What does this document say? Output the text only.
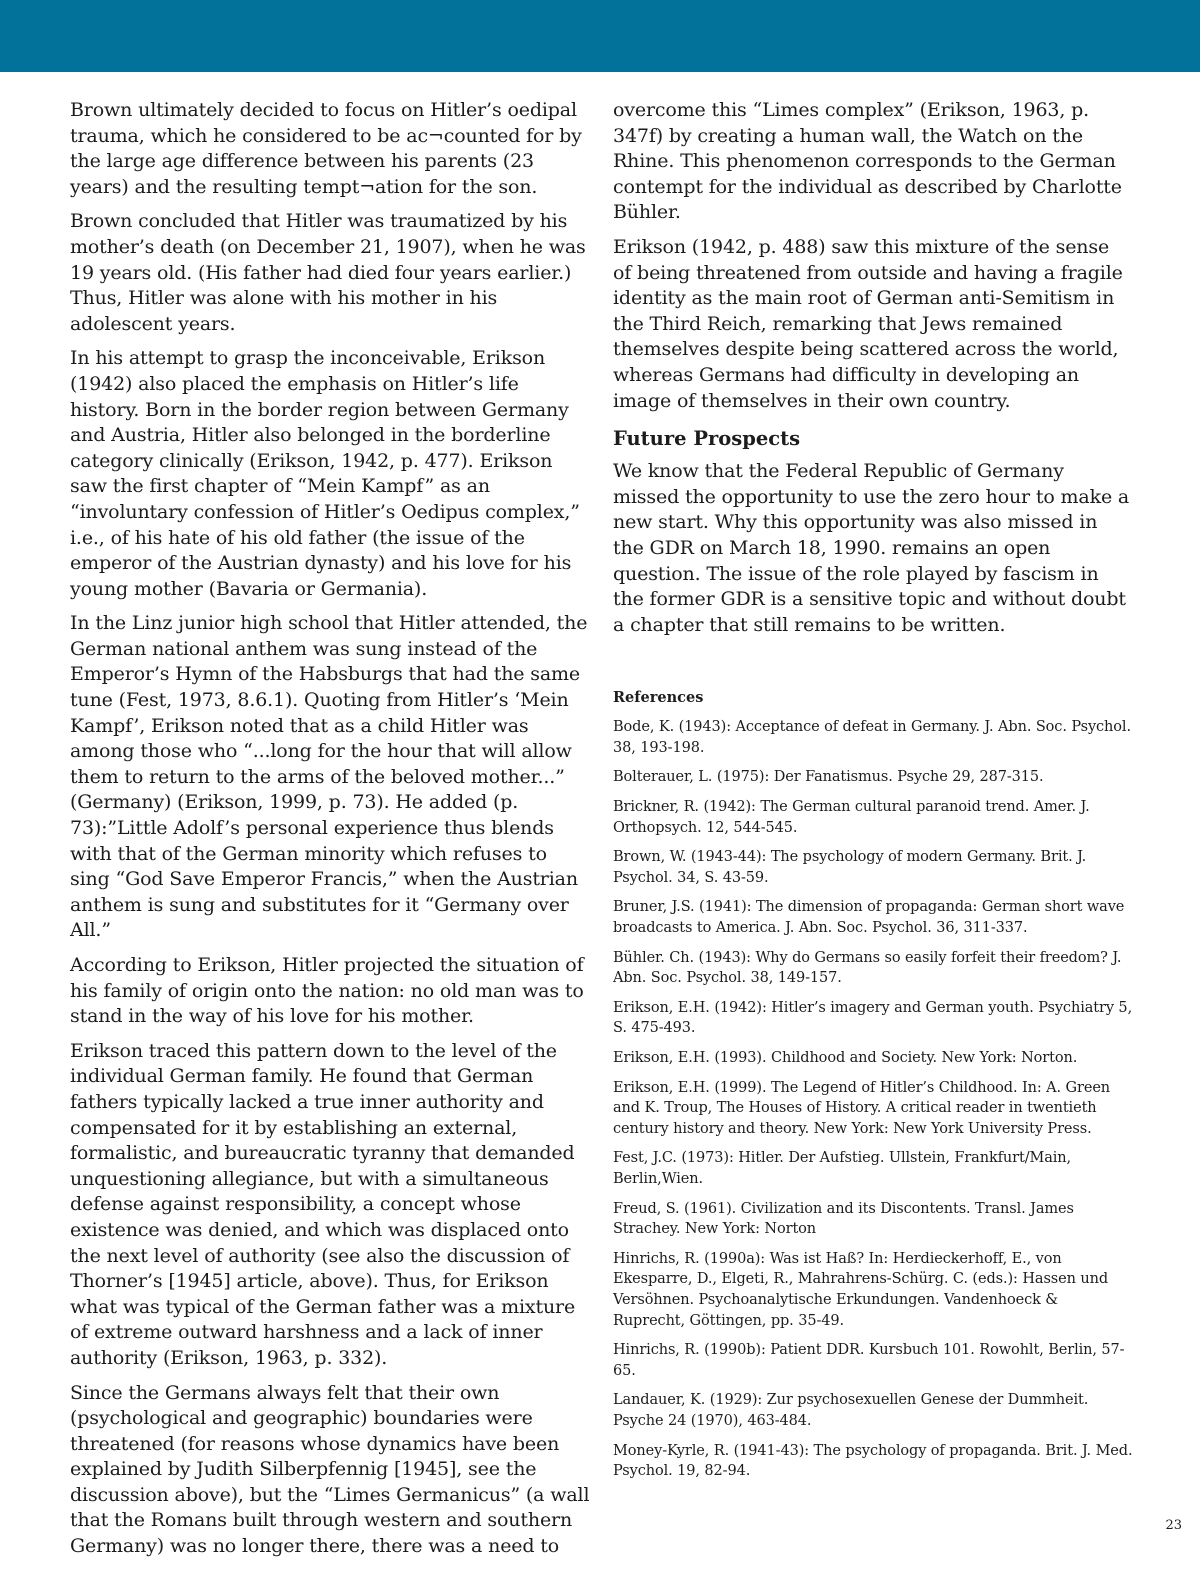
Brown ultimately decided to focus on Hitler’s oedipal trauma, which he considered to be ac¬counted for by the large age difference between his parents (23 years) and the resulting tempt¬ation for the son.

Brown concluded that Hitler was traumatized by his mother’s death (on December 21, 1907), when he was 19 years old. (His father had died four years earlier.) Thus, Hitler was alone with his mother in his adolescent years.

In his attempt to grasp the inconceivable, Erikson (1942) also placed the emphasis on Hitler’s life history. Born in the border region between Germany and Austria, Hitler also belonged in the borderline category clinically (Erikson, 1942, p. 477). Erikson saw the first chapter of “Mein Kampf” as an “involuntary confession of Hitler’s Oedipus complex,” i.e., of his hate of his old father (the issue of the emperor of the Austrian dynasty) and his love for his young mother (Bavaria or Germania).

In the Linz junior high school that Hitler attended, the German national anthem was sung instead of the Emperor’s Hymn of the Habsburgs that had the same tune (Fest, 1973, 8.6.1). Quoting from Hitler’s ‘Mein Kampf’, Erikson noted that as a child Hitler was among those who “...long for the hour that will allow them to return to the arms of the beloved mother...” (Germany) (Erikson, 1999, p. 73). He added (p. 73):”Little Adolf’s personal experience thus blends with that of the German minority which refuses to sing “God Save Emperor Francis,” when the Austrian anthem is sung and substitutes for it “Germany over All.”

According to Erikson, Hitler projected the situation of his family of origin onto the nation: no old man was to stand in the way of his love for his mother.

Erikson traced this pattern down to the level of the individual German family. He found that German fathers typically lacked a true inner authority and compensated for it by establishing an external, formalistic, and bureaucratic tyranny that demanded unquestioning allegiance, but with a simultaneous defense against responsibility, a concept whose existence was denied, and which was displaced onto the next level of authority (see also the discussion of Thorner’s [1945] article, above). Thus, for Erikson what was typical of the German father was a mixture of extreme outward harshness and a lack of inner authority (Erikson, 1963, p. 332).

Since the Germans always felt that their own (psychological and geographic) boundaries were threatened (for reasons whose dynamics have been explained by Judith Silberpfennig [1945], see the discussion above), but the “Limes Germanicus” (a wall that the Romans built through western and southern Germany) was no longer there, there was a need to

overcome this “Limes complex” (Erikson, 1963, p. 347f) by creating a human wall, the Watch on the Rhine. This phenomenon corresponds to the German contempt for the individual as described by Charlotte Bühler.

Erikson (1942, p. 488) saw this mixture of the sense of being threatened from outside and having a fragile identity as the main root of German anti-Semitism in the Third Reich, remarking that Jews remained themselves despite being scattered across the world, whereas Germans had difficulty in developing an image of themselves in their own country.

Future Prospects

We know that the Federal Republic of Germany missed the opportunity to use the zero hour to make a new start. Why this opportunity was also missed in the GDR on March 18, 1990. remains an open question. The issue of the role played by fascism in the former GDR is a sensitive topic and without doubt a chapter that still remains to be written.

References
Bode, K. (1943): Acceptance of defeat in Germany. J. Abn. Soc. Psychol. 38, 193-198.
Bolterauer, L. (1975): Der Fanatismus. Psyche 29, 287-315.
Brickner, R. (1942): The German cultural paranoid trend. Amer. J. Orthopsych. 12, 544-545.
Brown, W. (1943-44): The psychology of modern Germany. Brit. J. Psychol. 34, S. 43-59.
Bruner, J.S. (1941): The dimension of propaganda: German short wave broadcasts to America. J. Abn. Soc. Psychol. 36, 311-337.
Bühler. Ch. (1943): Why do Germans so easily forfeit their freedom? J. Abn. Soc. Psychol. 38, 149-157.
Erikson, E.H. (1942): Hitler’s imagery and German youth. Psychiatry 5, S. 475-493.
Erikson, E.H. (1993). Childhood and Society. New York: Norton.
Erikson, E.H. (1999). The Legend of Hitler’s Childhood. In: A. Green and K. Troup, The Houses of History. A critical reader in twentieth century history and theory. New York: New York University Press.
Fest, J.C. (1973): Hitler. Der Aufstieg. Ullstein, Frankfurt/Main, Berlin,Wien.
Freud, S. (1961). Civilization and its Discontents. Transl. James Strachey. New York: Norton
Hinrichs, R. (1990a): Was ist Haß? In: Herdieckerhoff, E., von Ekesparre, D., Elgeti, R., Mahrahrens-Schürg. C. (eds.): Hassen und Versöhnen. Psychoanalytische Erkundungen. Vandenhoeck & Ruprecht, Göttingen, pp. 35-49.
Hinrichs, R. (1990b): Patient DDR. Kursbuch 101. Rowohlt, Berlin, 57-65.
Landauer, K. (1929): Zur psychosexuellen Genese der Dummheit. Psyche 24 (1970), 463-484.
Money-Kyrle, R. (1941-43): The psychology of propaganda. Brit. J. Med. Psychol. 19, 82-94.
23
